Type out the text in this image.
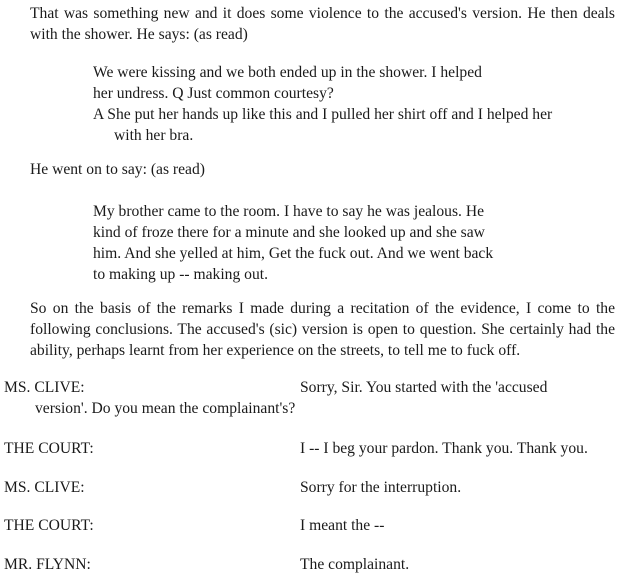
That was something new and it does some violence to the accused's version. He then deals with the shower. He says: (as read)
We were kissing and we both ended up in the shower. I helped
her undress. Q Just common courtesy?
A She put her hands up like this and I pulled her shirt off and I helped her with her bra.
He went on to say: (as read)
My brother came to the room. I have to say he was jealous. He
kind of froze there for a minute and she looked up and she saw
him. And she yelled at him, Get the fuck out. And we went back
to making up -- making out.
So on the basis of the remarks I made during a recitation of the evidence, I come to the following conclusions. The accused's (sic) version is open to question. She certainly had the ability, perhaps learnt from her experience on the streets, to tell me to fuck off.
MS. CLIVE:	Sorry, Sir. You started with the 'accused
version'. Do you mean the complainant's?
THE COURT:	I -- I beg your pardon. Thank you. Thank you.
MS. CLIVE:	Sorry for the interruption.
THE COURT:	I meant the --
MR. FLYNN:	The complainant.
